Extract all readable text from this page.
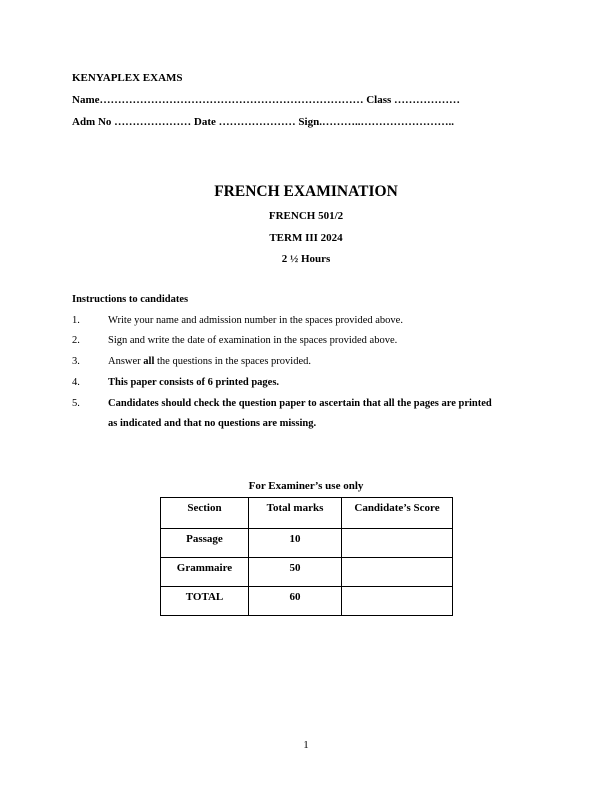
KENYAPLEX EXAMS
Name……………………………………………………………… Class ………………
Adm No ………………… Date ………………… Sign.………..……………………..
FRENCH EXAMINATION
FRENCH 501/2
TERM III 2024
2 ½ Hours
Instructions to candidates
1.	Write your name and admission number in the spaces provided above.
2.	Sign and write the date of examination in the spaces provided above.
3.	Answer all the questions in the spaces provided.
4.	This paper consists of 6 printed pages.
5.	Candidates should check the question paper to ascertain that all the pages are printed
as indicated and that no questions are missing.
For Examiner’s use only
Section	Total marks	Candidate’s Score

Passage	10	

Grammaire	50	

TOTAL	60	

1
